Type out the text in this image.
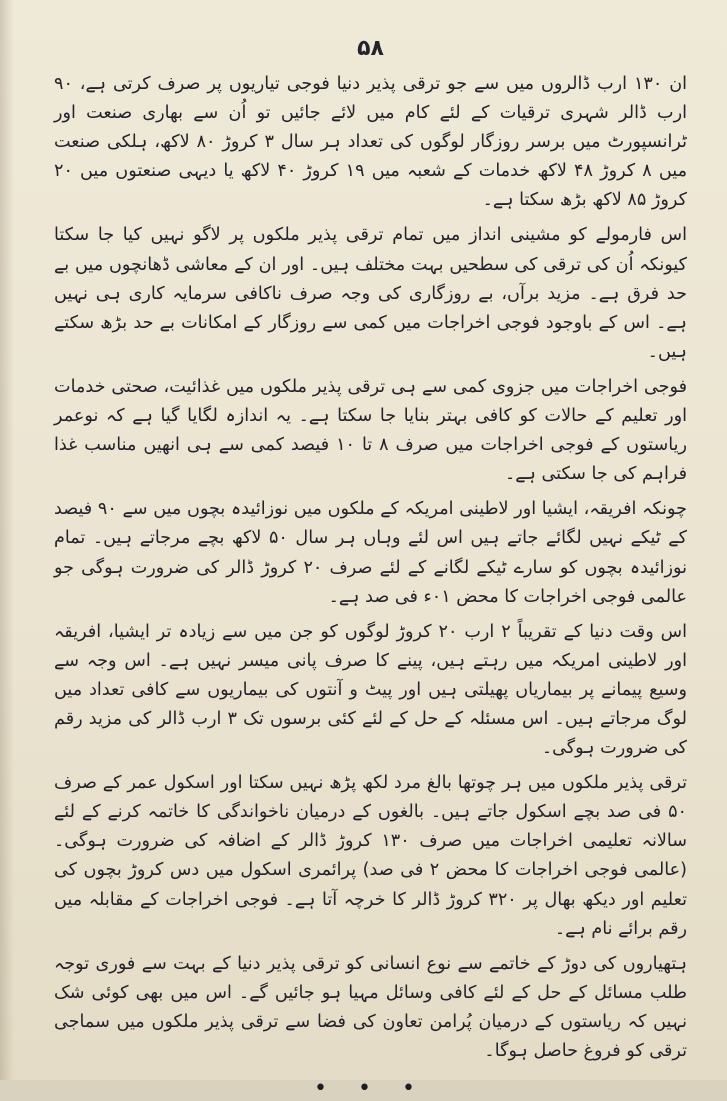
۵۸

ان ۱۳۰ ارب ڈالروں میں سے جو ترقی پذیر دنیا فوجی تیاریوں پر صرف کرتی ہے، ۹۰ ارب ڈالر شہری ترقیات کے لئے کام میں لائے جائیں تو اُن سے بھاری صنعت اور ٹرانسپورٹ میں برسر روزگار لوگوں کی تعداد ہر سال ۳ کروڑ ۸۰ لاکھ، ہلکی صنعت میں ۸ کروڑ ۴۸ لاکھ خدمات کے شعبہ میں ۱۹ کروڑ ۴۰ لاکھ یا دیہی صنعتوں میں ۲۰ کروڑ ۸۵ لاکھ بڑھ سکتا ہے۔

اس فارمولے کو مشینی انداز میں تمام ترقی پذیر ملکوں پر لاگو نہیں کیا جا سکتا کیونکہ اُن کی ترقی کی سطحیں بہت مختلف ہیں۔ اور ان کے معاشی ڈھانچوں میں بے حد فرق ہے۔ مزید برآں، بے روزگاری کی وجہ صرف ناکافی سرمایہ کاری ہی نہیں ہے۔ اس کے باوجود فوجی اخراجات میں کمی سے روزگار کے امکانات بے حد بڑھ سکتے ہیں۔

فوجی اخراجات میں جزوی کمی سے ہی ترقی پذیر ملکوں میں غذائیت، صحتی خدمات اور تعلیم کے حالات کو کافی بہتر بنایا جا سکتا ہے۔ یہ اندازہ لگایا گیا ہے کہ نوعمر ریاستوں کے فوجی اخراجات میں صرف ۸ تا ۱۰ فیصد کمی سے ہی انھیں مناسب غذا فراہم کی جا سکتی ہے۔

چونکہ افریقہ، ایشیا اور لاطینی امریکہ کے ملکوں میں نوزائیدہ بچوں میں سے ۹۰ فیصد کے ٹیکے نہیں لگائے جاتے ہیں اس لئے وہاں ہر سال ۵۰ لاکھ بچے مرجاتے ہیں۔ تمام نوزائیدہ بچوں کو سارے ٹیکے لگانے کے لئے صرف ۲۰ کروڑ ڈالر کی ضرورت ہوگی جو عالمی فوجی اخراجات کا محض ۰۱ء فی صد ہے۔

اس وقت دنیا کے تقریباً ۲ ارب ۲۰ کروڑ لوگوں کو جن میں سے زیادہ تر ایشیا، افریقہ اور لاطینی امریکہ میں رہتے ہیں، پینے کا صرف پانی میسر نہیں ہے۔ اس وجہ سے وسیع پیمانے پر بیماریاں پھیلتی ہیں اور پیٹ و آنتوں کی بیماریوں سے کافی تعداد میں لوگ مرجاتے ہیں۔ اس مسئلہ کے حل کے لئے کئی برسوں تک ۳ ارب ڈالر کی مزید رقم کی ضرورت ہوگی۔

ترقی پذیر ملکوں میں ہر چوتھا بالغ مرد لکھ پڑھ نہیں سکتا اور اسکول عمر کے صرف ۵۰ فی صد بچے اسکول جاتے ہیں۔ بالغوں کے درمیان ناخواندگی کا خاتمہ کرنے کے لئے سالانہ تعلیمی اخراجات میں صرف ۱۳۰ کروڑ ڈالر کے اضافہ کی ضرورت ہوگی۔ (عالمی فوجی اخراجات کا محض ۲ فی صد) پرائمری اسکول میں دس کروڑ بچوں کی تعلیم اور دیکھ بھال پر ۳۲۰ کروڑ ڈالر کا خرچہ آتا ہے۔ فوجی اخراجات کے مقابلہ میں رقم برائے نام ہے۔

ہتھیاروں کی دوڑ کے خاتمے سے نوع انسانی کو ترقی پذیر دنیا کے بہت سے فوری توجہ طلب مسائل کے حل کے لئے کافی وسائل مہیا ہو جائیں گے۔ اس میں بھی کوئی شک نہیں کہ ریاستوں کے درمیان پُرامن تعاون کی فضا سے ترقی پذیر ملکوں میں سماجی ترقی کو فروغ حاصل ہوگا۔

• • •
